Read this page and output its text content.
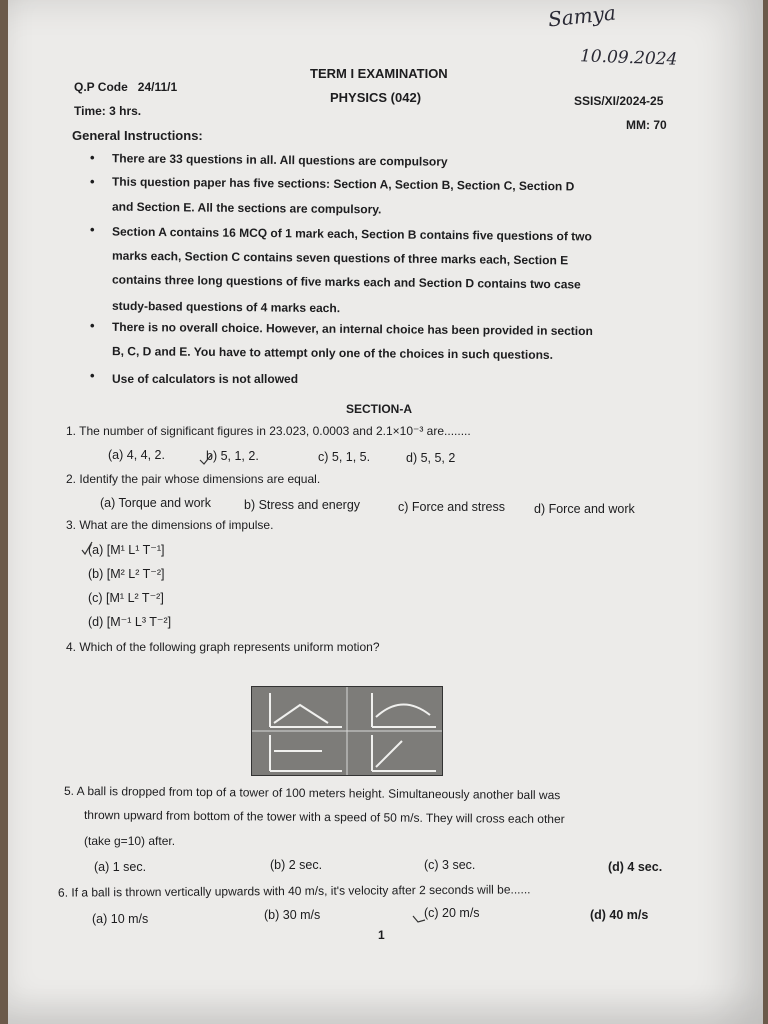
Samya
10.09.2024
TERM I EXAMINATION
PHYSICS (042)
Q.P Code   24/11/1
Time: 3 hrs.
SSIS/XI/2024-25
MM: 70
General Instructions:
• There are 33 questions in all. All questions are compulsory
• This question paper has five sections: Section A, Section B, Section C, Section D
and Section E. All the sections are compulsory.
• Section A contains 16 MCQ of 1 mark each, Section B contains five questions of two
marks each, Section C contains seven questions of three marks each, Section E
contains three long questions of five marks each and Section D contains two case
study-based questions of 4 marks each.
• There is no overall choice. However, an internal choice has been provided in section
B, C, D and E. You have to attempt only one of the choices in such questions.
• Use of calculators is not allowed
SECTION-A
1. The number of significant figures in 23.023, 0.0003 and 2.1×10⁻³ are........
(a) 4, 4, 2.	b) 5, 1, 2.	c) 5, 1, 5.	d) 5, 5, 2
2. Identify the pair whose dimensions are equal.
(a) Torque and work	b) Stress and energy	c) Force and stress d) Force and work
3. What are the dimensions of impulse.
(a) [M¹ L¹ T⁻¹]
(b) [M² L² T⁻²]
(c) [M¹ L² T⁻²]
(d) [M⁻¹ L³ T⁻²]
4. Which of the following graph represents uniform motion?
5. A ball is dropped from top of a tower of 100 meters height. Simultaneously another ball was
thrown upward from bottom of the tower with a speed of 50 m/s. They will cross each other
(take g=10) after.
(a) 1 sec.	(b) 2 sec.	(c) 3 sec.	(d) 4 sec.
6. If a ball is thrown vertically upwards with 40 m/s, it's velocity after 2 seconds will be......
(a) 10 m/s	(b) 30 m/s	(c) 20 m/s	(d) 40 m/s
1
